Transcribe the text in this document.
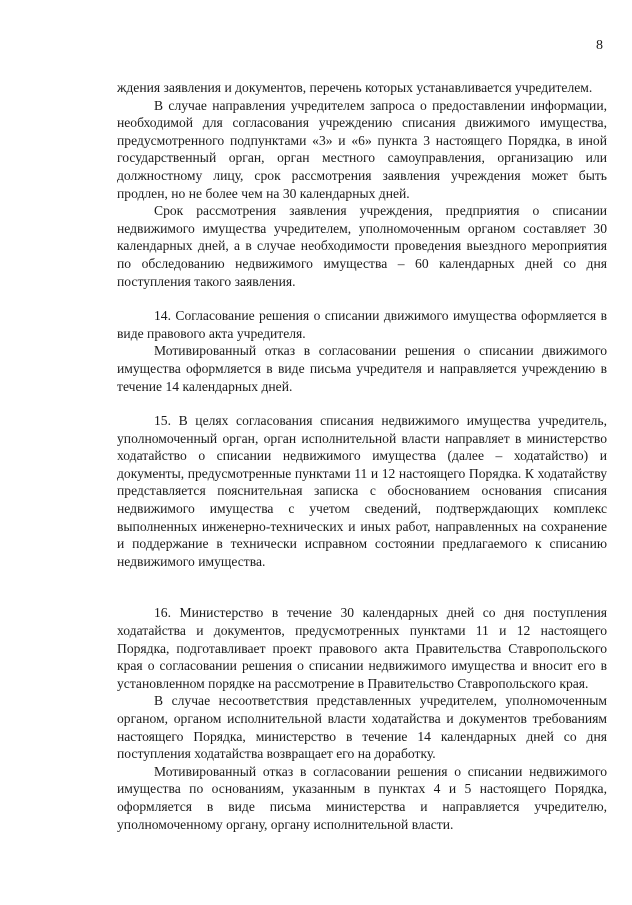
8

ждения заявления и документов, перечень которых устанавливается учредителем.

В случае направления учредителем запроса о предоставлении информации, необходимой для согласования учреждению списания движимого имущества, предусмотренного подпунктами «3» и «6» пункта 3 настоящего Порядка, в иной государственный орган, орган местного самоуправления, организацию или должностному лицу, срок рассмотрения заявления учреждения может быть продлен, но не более чем на 30 календарных дней.

Срок рассмотрения заявления учреждения, предприятия о списании недвижимого имущества учредителем, уполномоченным органом составляет 30 календарных дней, а в случае необходимости проведения выездного мероприятия по обследованию недвижимого имущества – 60 календарных дней со дня поступления такого заявления.

14. Согласование решения о списании движимого имущества оформляется в виде правового акта учредителя.

Мотивированный отказ в согласовании решения о списании движимого имущества оформляется в виде письма учредителя и направляется учреждению в течение 14 календарных дней.

15. В целях согласования списания недвижимого имущества учредитель, уполномоченный орган, орган исполнительной власти направляет в министерство ходатайство о списании недвижимого имущества (далее – ходатайство) и документы, предусмотренные пунктами 11 и 12 настоящего Порядка. К ходатайству представляется пояснительная записка с обоснованием основания списания недвижимого имущества с учетом сведений, подтверждающих комплекс выполненных инженерно-технических и иных работ, направленных на сохранение и поддержание в технически исправном состоянии предлагаемого к списанию недвижимого имущества.

16. Министерство в течение 30 календарных дней со дня поступления ходатайства и документов, предусмотренных пунктами 11 и 12 настоящего Порядка, подготавливает проект правового акта Правительства Ставропольского края о согласовании решения о списании недвижимого имущества и вносит его в установленном порядке на рассмотрение в Правительство Ставропольского края.

В случае несоответствия представленных учредителем, уполномоченным органом, органом исполнительной власти ходатайства и документов требованиям настоящего Порядка, министерство в течение 14 календарных дней со дня поступления ходатайства возвращает его на доработку.

Мотивированный отказ в согласовании решения о списании недвижимого имущества по основаниям, указанным в пунктах 4 и 5 настоящего Порядка, оформляется в виде письма министерства и направляется учредителю, уполномоченному органу, органу исполнительной власти.
